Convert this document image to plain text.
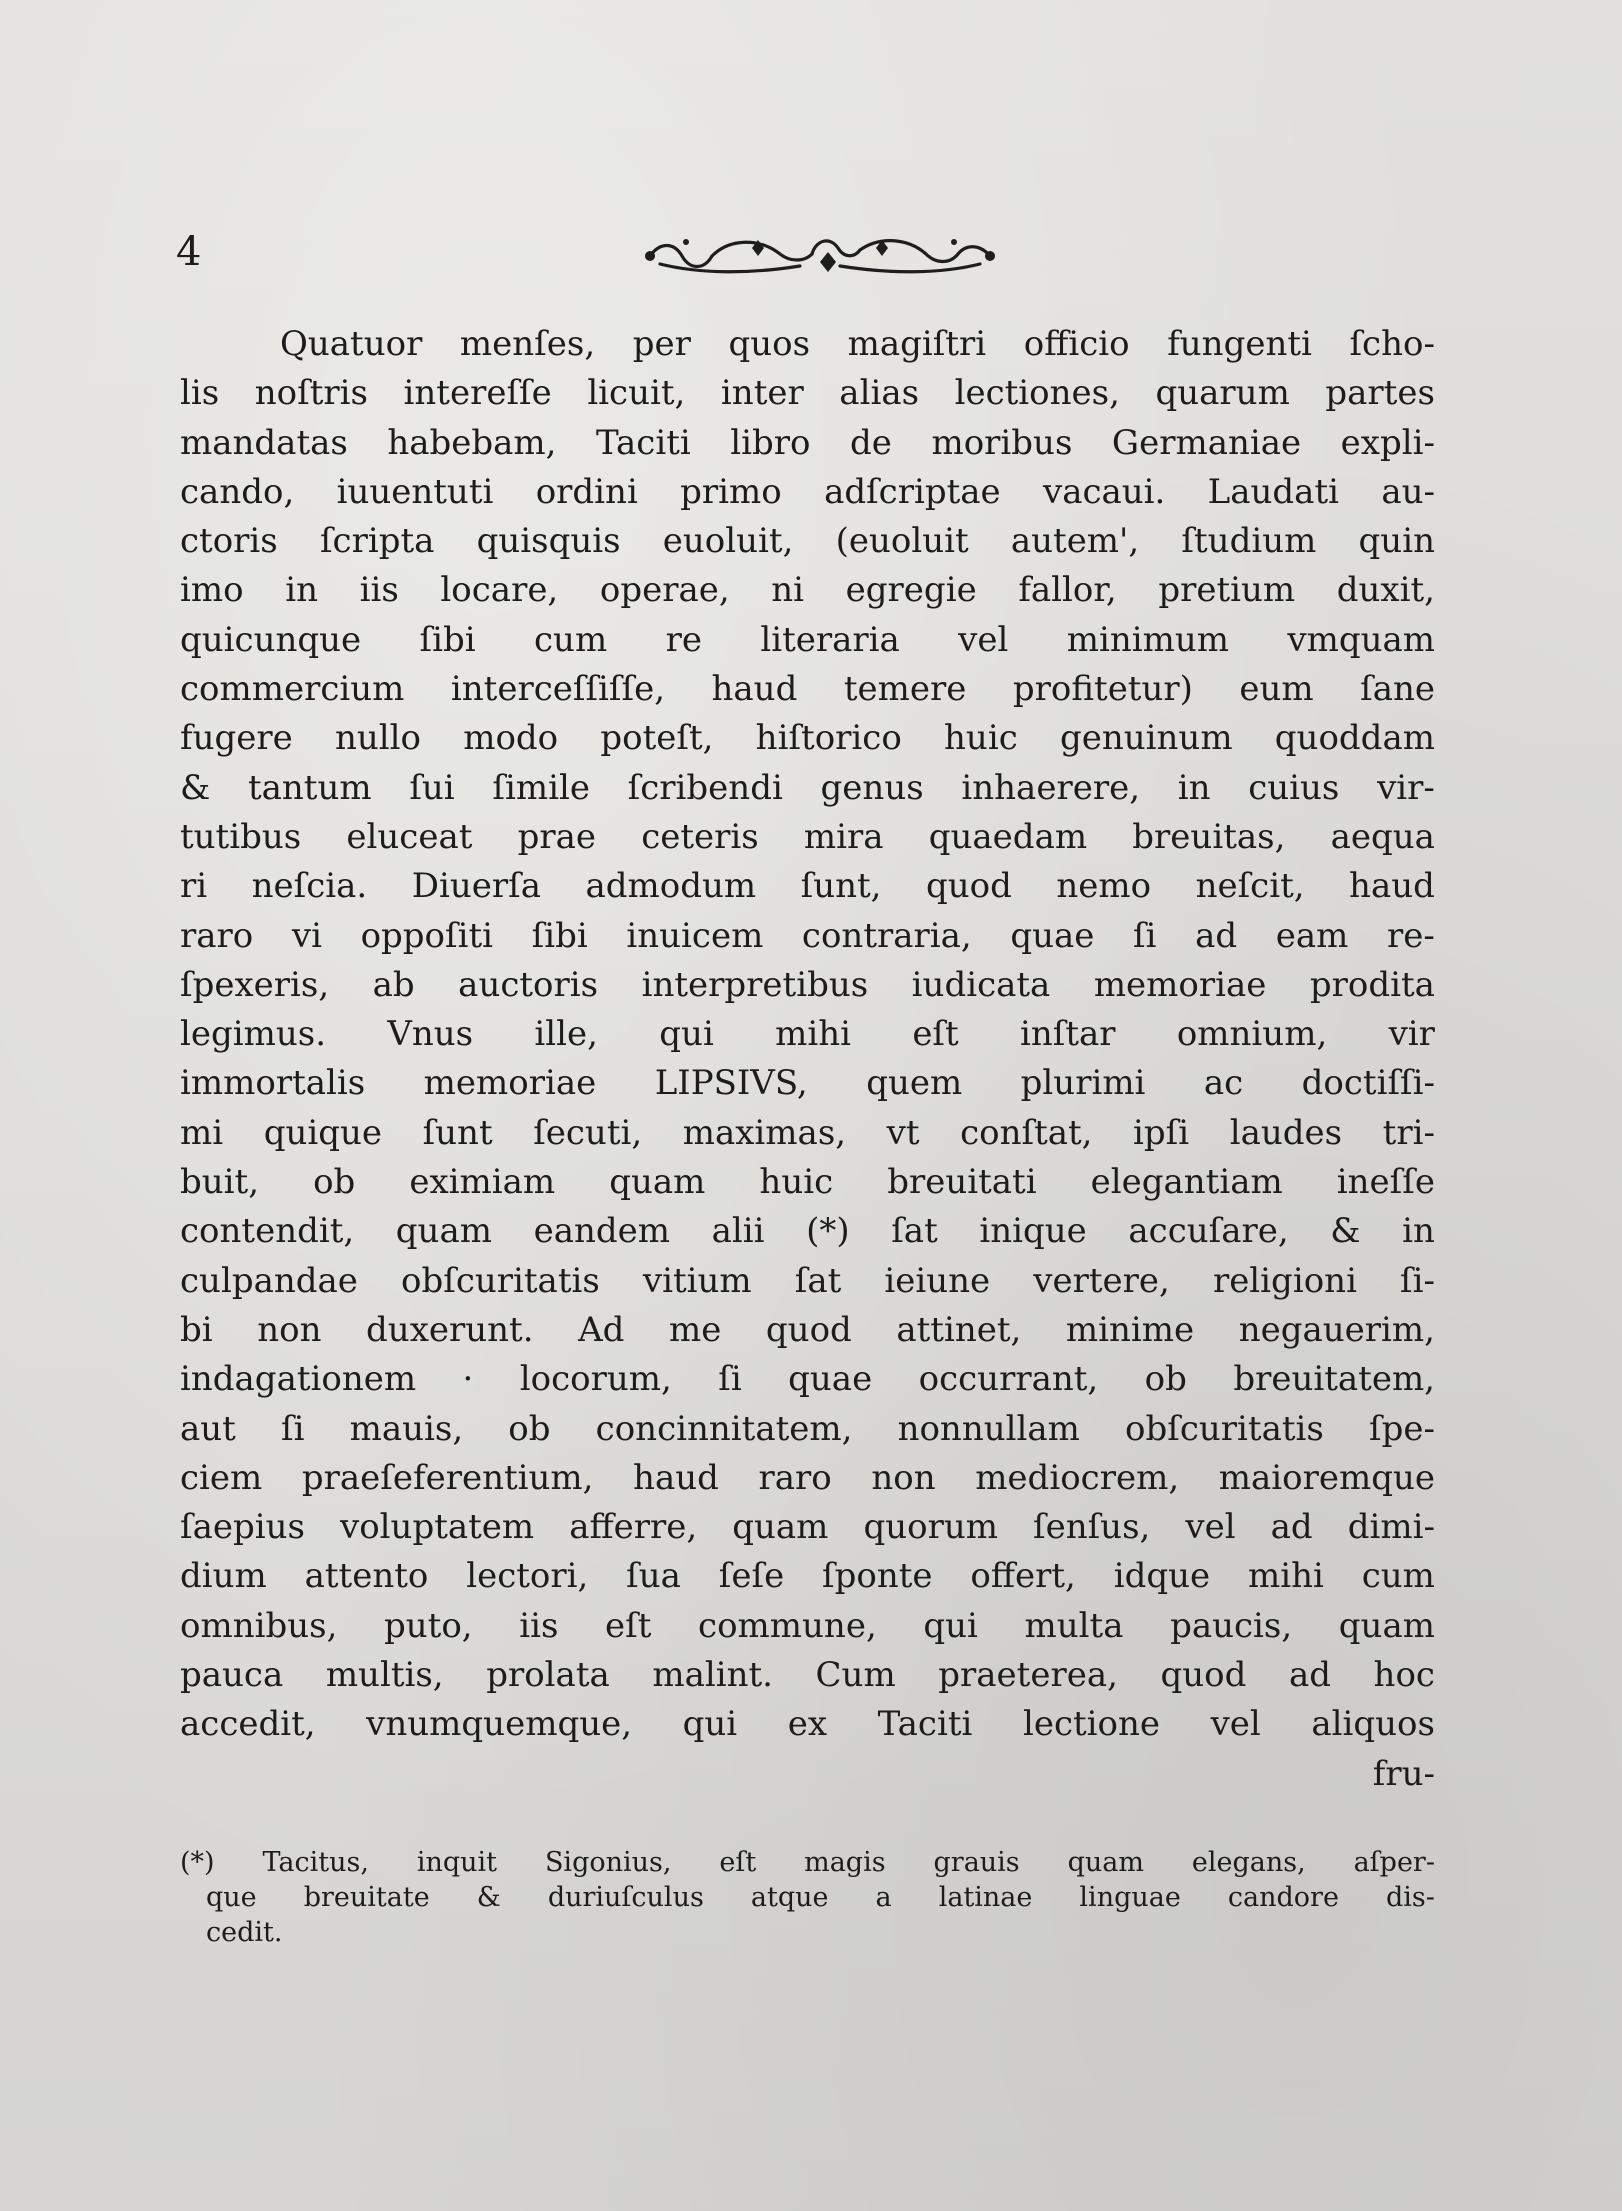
4
Quatuor menſes, per quos magiſtri officio fungenti ſcho-
lis noſtris intereſſe licuit, inter alias lectiones, quarum partes
mandatas habebam, Taciti libro de moribus Germaniae expli-
cando, iuuentuti ordini primo adſcriptae vacaui. Laudati au-
ctoris ſcripta quisquis euoluit, (euoluit autem', ſtudium quin
imo in iis locare, operae, ni egregie fallor, pretium duxit,
quicunque ſibi cum re literaria vel minimum vmquam
commercium interceſſiſſe, haud temere profitetur) eum ſane
fugere nullo modo poteſt, hiſtorico huic genuinum quoddam
& tantum ſui ſimile ſcribendi genus inhaerere, in cuius vir-
tutibus eluceat prae ceteris mira quaedam breuitas, aequa
ri neſcia. Diuerſa admodum ſunt, quod nemo neſcit, haud
raro vi oppoſiti ſibi inuicem contraria, quae ſi ad eam re-
ſpexeris, ab auctoris interpretibus iudicata memoriae prodita
legimus. Vnus ille, qui mihi eſt inſtar omnium, vir
immortalis memoriae LIPSIVS, quem plurimi ac doctiſſi-
mi quique ſunt ſecuti, maximas, vt conſtat, ipſi laudes tri-
buit, ob eximiam quam huic breuitati elegantiam ineſſe
contendit, quam eandem alii (*) ſat inique accuſare, & in
culpandae obſcuritatis vitium ſat ieiune vertere, religioni ſi-
bi non duxerunt. Ad me quod attinet, minime negauerim,
indagationem · locorum, ſi quae occurrant, ob breuitatem,
aut ſi mauis, ob concinnitatem, nonnullam obſcuritatis ſpe-
ciem praeſeferentium, haud raro non mediocrem, maioremque
ſaepius voluptatem afferre, quam quorum ſenſus, vel ad dimi-
dium attento lectori, ſua ſeſe ſponte offert, idque mihi cum
omnibus, puto, iis eſt commune, qui multa paucis, quam
pauca multis, prolata malint. Cum praeterea, quod ad hoc
accedit, vnumquemque, qui ex Taciti lectione vel aliquos
fru-
(*) Tacitus, inquit Sigonius, eſt magis grauis quam elegans, aſper-
que breuitate & duriuſculus atque a latinae linguae candore dis-
cedit.
